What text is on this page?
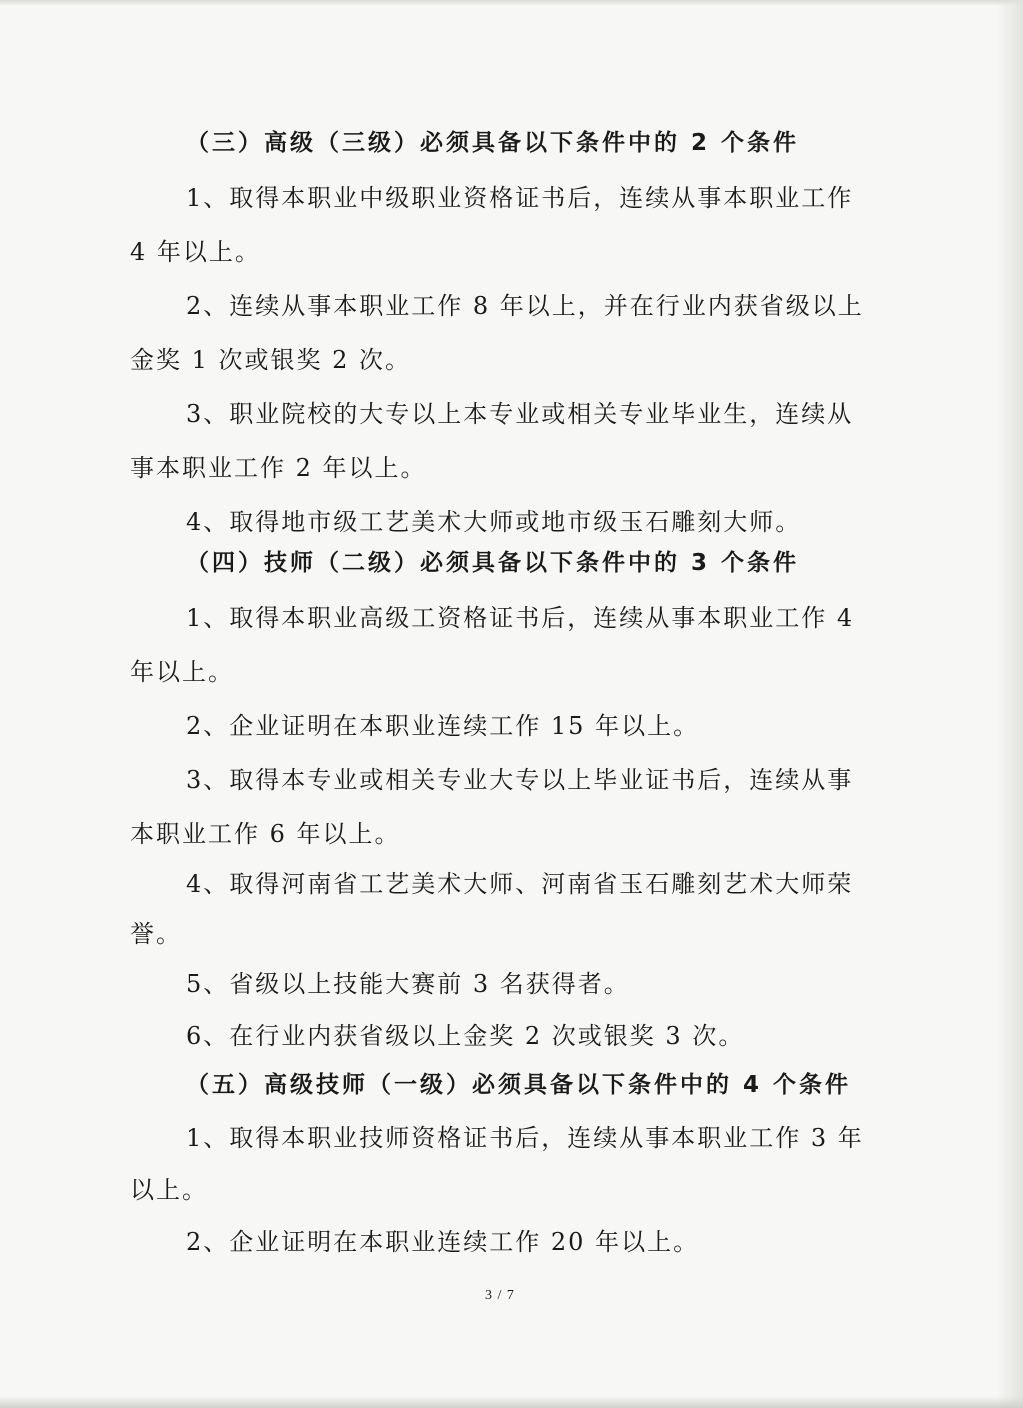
（三）高级（三级）必须具备以下条件中的 2 个条件
1、取得本职业中级职业资格证书后，连续从事本职业工作
4 年以上。
2、连续从事本职业工作 8 年以上，并在行业内获省级以上
金奖 1 次或银奖 2 次。
3、职业院校的大专以上本专业或相关专业毕业生，连续从
事本职业工作 2 年以上。
4、取得地市级工艺美术大师或地市级玉石雕刻大师。
（四）技师（二级）必须具备以下条件中的 3 个条件
1、取得本职业高级工资格证书后，连续从事本职业工作 4
年以上。
2、企业证明在本职业连续工作 15 年以上。
3、取得本专业或相关专业大专以上毕业证书后，连续从事
本职业工作 6 年以上。
4、取得河南省工艺美术大师、河南省玉石雕刻艺术大师荣
誉。
5、省级以上技能大赛前 3 名获得者。
6、在行业内获省级以上金奖 2 次或银奖 3 次。
（五）高级技师（一级）必须具备以下条件中的 4 个条件
1、取得本职业技师资格证书后，连续从事本职业工作 3 年
以上。
2、企业证明在本职业连续工作 20 年以上。
3 / 7
